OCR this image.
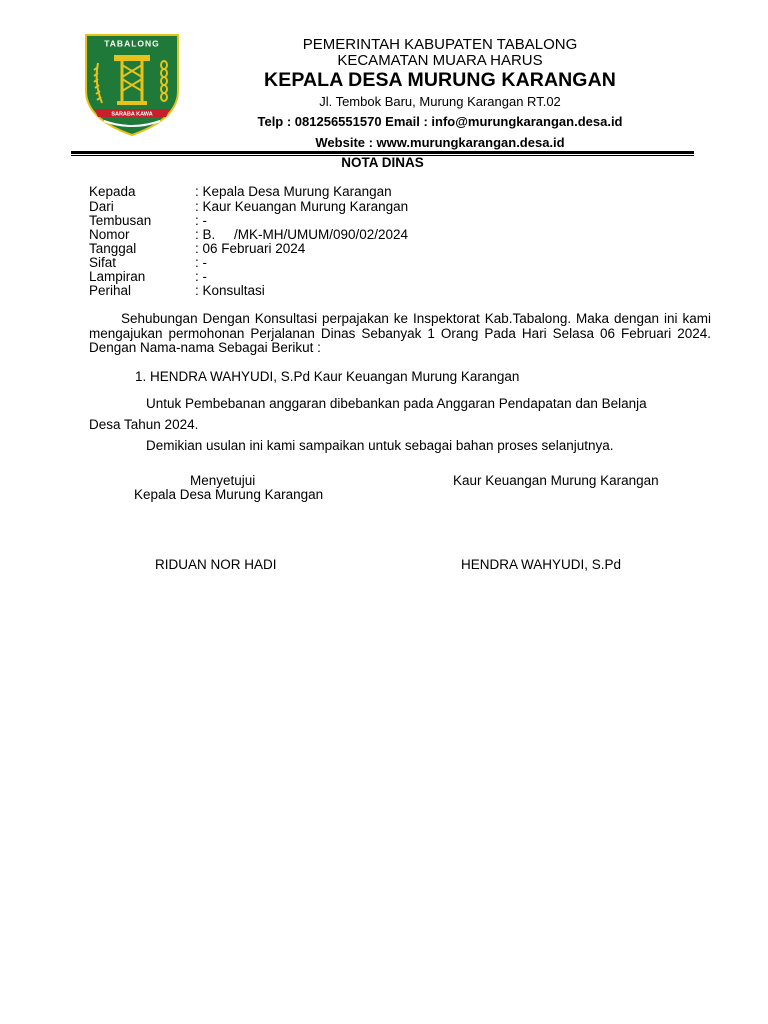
TABALONG
SARABA KAWA
PEMERINTAH KABUPATEN TABALONG
KECAMATAN MUARA HARUS
KEPALA DESA MURUNG KARANGAN
Jl. Tembok Baru, Murung Karangan RT.02
Telp : 081256551570 Email : info@murungkarangan.desa.id
Website : www.murungkarangan.desa.id
NOTA DINAS
Kepada	: Kepala Desa Murung Karangan
Dari	: Kaur Keuangan Murung Karangan
Tembusan	: -
Nomor	: B.     /MK-MH/UMUM/090/02/2024
Tanggal	: 06 Februari 2024
Sifat	: -
Lampiran	: -
Perihal	: Konsultasi
Sehubungan Dengan Konsultasi perpajakan ke Inspektorat Kab.Tabalong. Maka dengan ini kami mengajukan permohonan Perjalanan Dinas Sebanyak 1 Orang Pada Hari Selasa 06 Februari 2024. Dengan Nama-nama Sebagai Berikut :
1. HENDRA WAHYUDI, S.Pd Kaur Keuangan Murung Karangan
Untuk Pembebanan anggaran dibebankan pada Anggaran Pendapatan dan Belanja
Desa Tahun 2024.
Demikian usulan ini kami sampaikan untuk sebagai bahan proses selanjutnya.
Menyetujui
Kepala Desa Murung Karangan
Kaur Keuangan Murung Karangan
RIDUAN NOR HADI	HENDRA WAHYUDI, S.Pd
